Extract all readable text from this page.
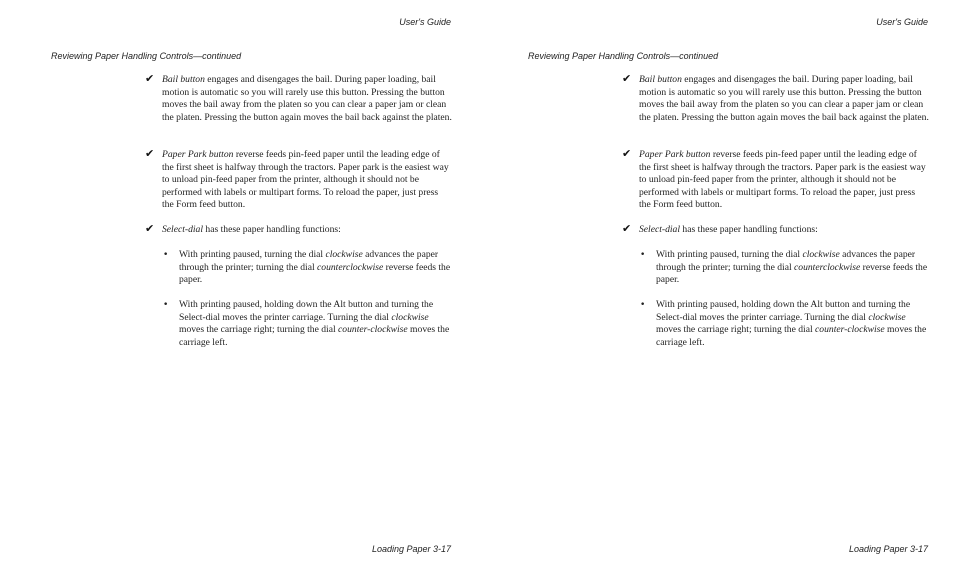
User's Guide
Reviewing Paper Handling Controls—continued
✔ Bail button engages and disengages the bail. During paper loading, bail motion is automatic so you will rarely use this button. Pressing the button moves the bail away from the platen so you can clear a paper jam or clean the platen. Pressing the button again moves the bail back against the platen.
✔ Paper Park button reverse feeds pin-feed paper until the leading edge of the first sheet is halfway through the tractors. Paper park is the easiest way to unload pin-feed paper from the printer, although it should not be performed with labels or multipart forms. To reload the paper, just press the Form feed button.
✔ Select-dial has these paper handling functions:
• With printing paused, turning the dial clockwise advances the paper through the printer; turning the dial counterclockwise reverse feeds the paper.
• With printing paused, holding down the Alt button and turning the Select-dial moves the printer carriage. Turning the dial clockwise moves the carriage right; turning the dial counter-clockwise moves the carriage left.
Loading Paper 3-17
User's Guide
Reviewing Paper Handling Controls—continued
✔ Bail button engages and disengages the bail. During paper loading, bail motion is automatic so you will rarely use this button. Pressing the button moves the bail away from the platen so you can clear a paper jam or clean the platen. Pressing the button again moves the bail back against the platen.
✔ Paper Park button reverse feeds pin-feed paper until the leading edge of the first sheet is halfway through the tractors. Paper park is the easiest way to unload pin-feed paper from the printer, although it should not be performed with labels or multipart forms. To reload the paper, just press the Form feed button.
✔ Select-dial has these paper handling functions:
• With printing paused, turning the dial clockwise advances the paper through the printer; turning the dial counterclockwise reverse feeds the paper.
• With printing paused, holding down the Alt button and turning the Select-dial moves the printer carriage. Turning the dial clockwise moves the carriage right; turning the dial counter-clockwise moves the carriage left.
Loading Paper 3-17
